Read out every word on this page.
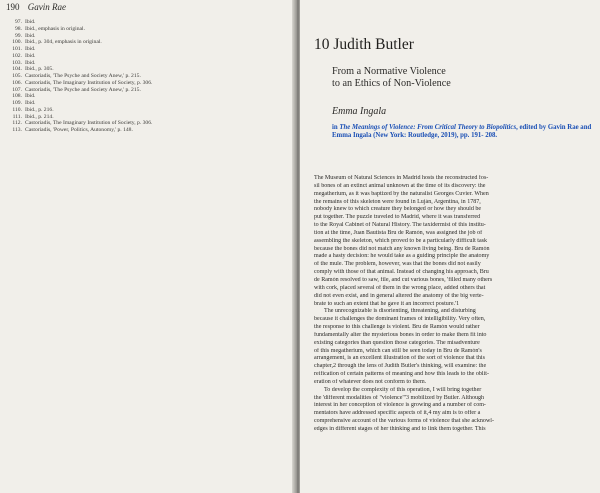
190 Gavin Rae
97. Ibid.
98. Ibid., emphasis in original.
99. Ibid.
100. Ibid., p. 304, emphasis in original.
101. Ibid.
102. Ibid.
103. Ibid.
104. Ibid., p. 305.
105. Castoriadis, 'The Psyche and Society Anew,' p. 215.
106. Castoriadis, The Imaginary Institution of Society, p. 306.
107. Castoriadis, 'The Psyche and Society Anew,' p. 215.
108. Ibid.
109. Ibid.
110. Ibid., p. 216.
111. Ibid., p. 214.
112. Castoriadis, The Imaginary Institution of Society, p. 306.
113. Castoriadis, 'Power, Politics, Autonomy,' p. 148.
10 Judith Butler
From a Normative Violence
to an Ethics of Non-Violence
Emma Ingala
in The Meanings of Violence: From Critical Theory to Biopolitics, edited by Gavin Rae and Emma Ingala (New York: Routledge, 2019), pp. 191- 208.
The Museum of Natural Sciences in Madrid hosts the reconstructed fos-
sil bones of an extinct animal unknown at the time of its discovery: the
megatherium, as it was baptized by the naturalist Georges Cuvier. When
the remains of this skeleton were found in Luján, Argentina, in 1787,
nobody knew to which creature they belonged or how they should be
put together. The puzzle traveled to Madrid, where it was transferred
to the Royal Cabinet of Natural History. The taxidermist of this institu-
tion at the time, Juan Bautista Bru de Ramón, was assigned the job of
assembling the skeleton, which proved to be a particularly difficult task
because the bones did not match any known living being. Bru de Ramón
made a hasty decision: he would take as a guiding principle the anatomy
of the mule. The problem, however, was that the bones did not easily
comply with those of that animal. Instead of changing his approach, Bru
de Ramón resolved to saw, file, and cut various bones, 'filled many others
with cork, placed several of them in the wrong place, added others that
did not even exist, and in general altered the anatomy of the big verte-
brate to such an extent that he gave it an incorrect posture.'1
The unrecognizable is disorienting, threatening, and disturbing
because it challenges the dominant frames of intelligibility. Very often,
the response to this challenge is violent. Bru de Ramón would rather
fundamentally alter the mysterious bones in order to make them fit into
existing categories than question those categories. The misadventure
of this megatherium, which can still be seen today in Bru de Ramón's
arrangement, is an excellent illustration of the sort of violence that this
chapter,2 through the lens of Judith Butler's thinking, will examine: the
reification of certain patterns of meaning and how this leads to the oblit-
eration of whatever does not conform to them.
To develop the complexity of this operation, I will bring together
the 'different modalities of "violence"'3 mobilized by Butler. Although
interest in her conception of violence is growing and a number of com-
mentators have addressed specific aspects of it,4 my aim is to offer a
comprehensive account of the various forms of violence that she acknowl-
edges in different stages of her thinking and to link them together. This
